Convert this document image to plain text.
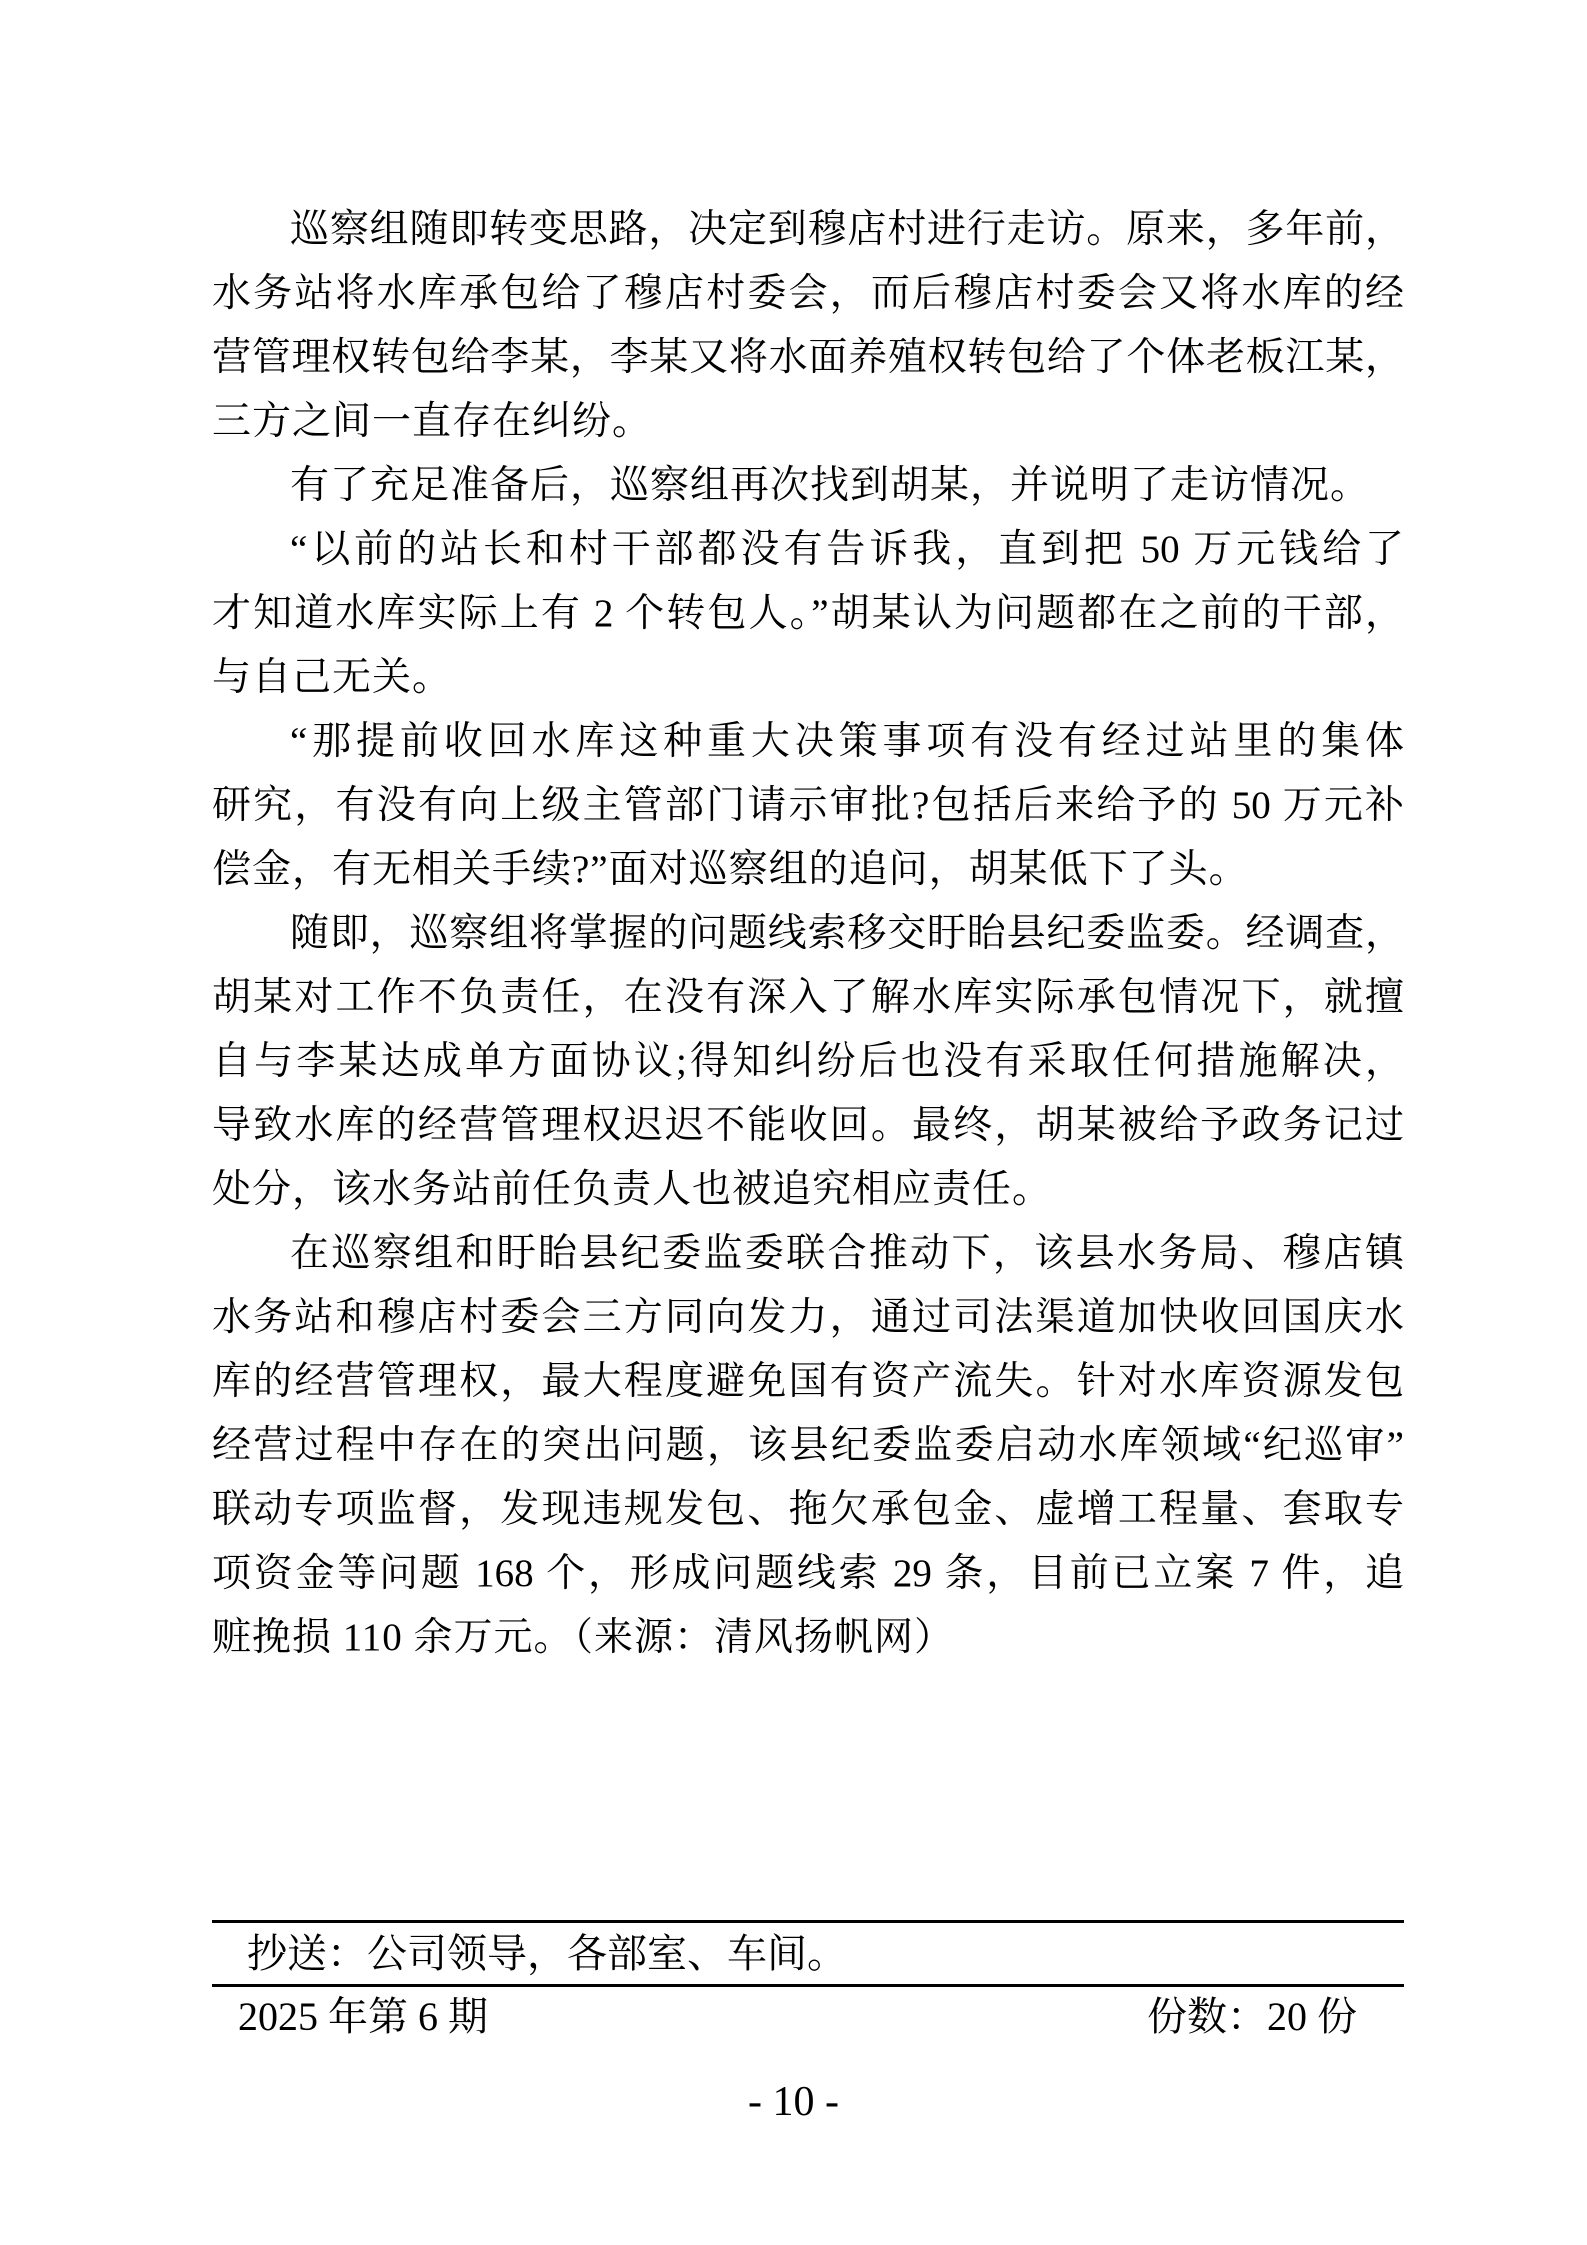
巡察组随即转变思路，决定到穆店村进行走访。原来，多年前，
水务站将水库承包给了穆店村委会，而后穆店村委会又将水库的经
营管理权转包给李某，李某又将水面养殖权转包给了个体老板江某，
三方之间一直存在纠纷。
有了充足准备后，巡察组再次找到胡某，并说明了走访情况。
“以前的站长和村干部都没有告诉我，直到把 50 万元钱给了
才知道水库实际上有 2 个转包人。”胡某认为问题都在之前的干部，
与自己无关。
“那提前收回水库这种重大决策事项有没有经过站里的集体
研究，有没有向上级主管部门请示审批?包括后来给予的 50 万元补
偿金，有无相关手续?”面对巡察组的追问，胡某低下了头。
随即，巡察组将掌握的问题线索移交盱眙县纪委监委。经调查，
胡某对工作不负责任，在没有深入了解水库实际承包情况下，就擅
自与李某达成单方面协议;得知纠纷后也没有采取任何措施解决，
导致水库的经营管理权迟迟不能收回。最终，胡某被给予政务记过
处分，该水务站前任负责人也被追究相应责任。
在巡察组和盱眙县纪委监委联合推动下，该县水务局、穆店镇
水务站和穆店村委会三方同向发力，通过司法渠道加快收回国庆水
库的经营管理权，最大程度避免国有资产流失。针对水库资源发包
经营过程中存在的突出问题，该县纪委监委启动水库领域“纪巡审”
联动专项监督，发现违规发包、拖欠承包金、虚增工程量、套取专
项资金等问题 168 个，形成问题线索 29 条，目前已立案 7 件，追
赃挽损 110 余万元。（来源：清风扬帆网）
抄送：公司领导，各部室、车间。
2025 年第 6 期	份数：20 份
- 10 -
